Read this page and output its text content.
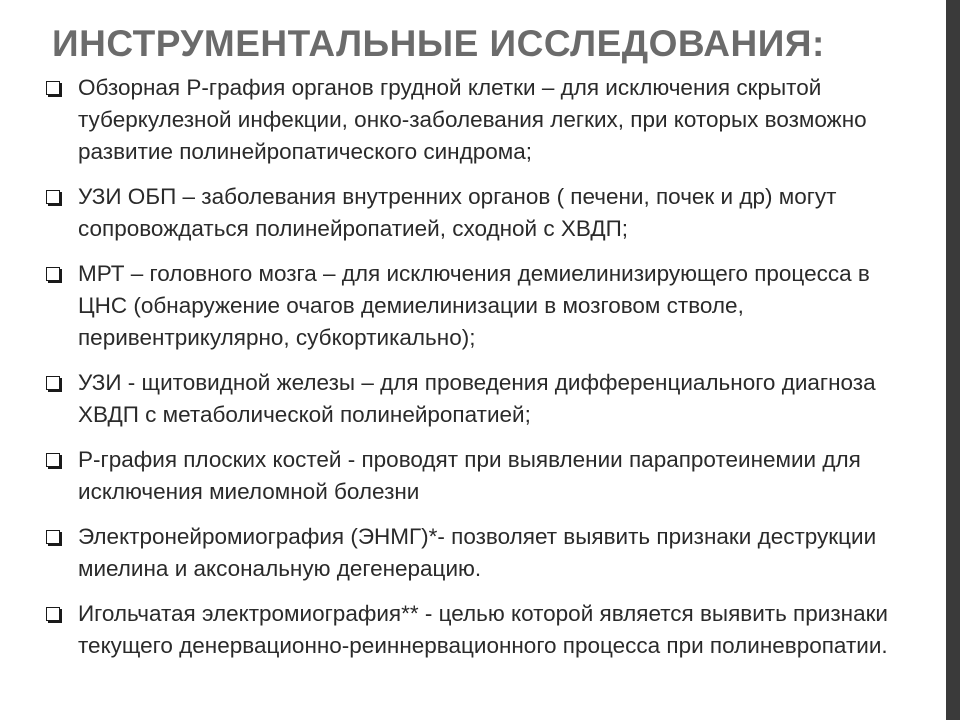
ИНСТРУМЕНТАЛЬНЫЕ ИССЛЕДОВАНИЯ:
Обзорная Р-графия органов грудной клетки – для исключения скрытой туберкулезной инфекции, онко-заболевания легких, при которых возможно развитие полинейропатического синдрома;
УЗИ ОБП – заболевания внутренних органов ( печени, почек и др) могут сопровождаться полинейропатией, сходной с ХВДП;
МРТ – головного мозга – для исключения демиелинизирующего процесса в ЦНС (обнаружение очагов демиелинизации в мозговом стволе, перивентрикулярно, субкортикально);
УЗИ - щитовидной железы – для проведения дифференциального диагноза ХВДП с метаболической полинейропатией;
Р-графия плоских костей - проводят при выявлении парапротеинемии для исключения миеломной болезни
Электронейромиография (ЭНМГ)*- позволяет выявить признаки деструкции миелина и аксональную дегенерацию.
Игольчатая электромиография** - целью которой является выявить признаки текущего денервационно-реиннервационного процесса при полиневропатии.
